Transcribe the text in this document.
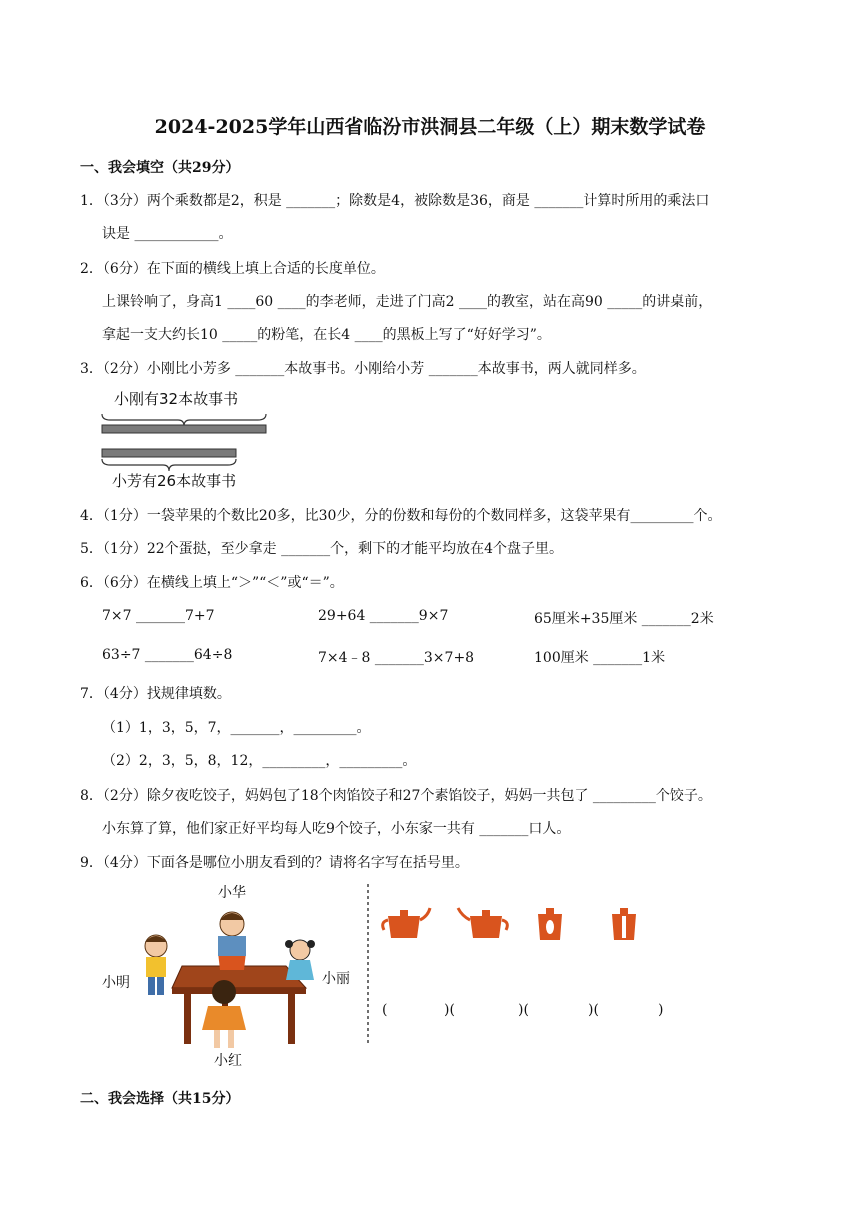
2024-2025学年山西省临汾市洪洞县二年级（上）期末数学试卷
一、我会填空（共29分）
1．（3分）两个乘数都是2，积是 _______；除数是4，被除数是36，商是 _______计算时所用的乘法口
诀是 ____________。
2．（6分）在下面的横线上填上合适的长度单位。
上课铃响了，身高1 ____60 ____的李老师，走进了门高2 ____的教室，站在高90 _____的讲桌前，
拿起一支大约长10 _____的粉笔，在长4 ____的黑板上写了“好好学习”。
3．（2分）小刚比小芳多 _______本故事书。小刚给小芳 _______本故事书，两人就同样多。
小刚有32本故事书
小芳有26本故事书
4．（1分）一袋苹果的个数比20多，比30少，分的份数和每份的个数同样多，这袋苹果有_________个。
5．（1分）22个蛋挞，至少拿走 _______个，剩下的才能平均放在4个盘子里。
6．（6分）在横线上填上“＞”“＜”或“＝”。
7×7 _______7+7	29+64 _______9×7	65厘米+35厘米 _______2米
63÷7 _______64÷8	7×4﹣8 _______3×7+8	100厘米 _______1米
7．（4分）找规律填数。
（1）1，3，5，7，_______，_________。
（2）2，3，5，8，12，_________，_________。
8．（2分）除夕夜吃饺子，妈妈包了18个肉馅饺子和27个素馅饺子，妈妈一共包了 _________个饺子。
小东算了算，他们家正好平均每人吃9个饺子，小东家一共有 _______口人。
9．（4分）下面各是哪位小朋友看到的？请将名字写在括号里。
小华
小明	小丽
小红
(	)(	)(	)(	)
二、我会选择（共15分）
